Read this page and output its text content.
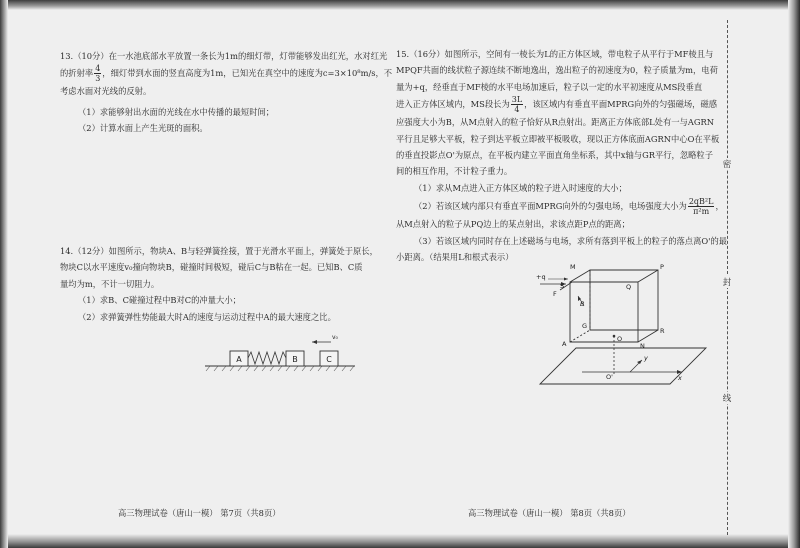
13.（10分）在一水池底部水平放置一条长为1m的细灯带，灯带能够发出红光，水对红光

的折射率 $\frac{4}{3}$ ，细灯带到水面的竖直高度为1m，已知光在真空中的速度为c=3×10⁸m/s，不

考虑水面对光线的反射。

（1）求能够射出水面的光线在水中传播的最短时间；

（2）计算水面上产生光斑的面积。

14.（12分）如图所示，物块A、B与轻弹簧拴接，置于光滑水平面上，弹簧处于原长，

物块C以水平速度v₀撞向物块B，碰撞时间极短，碰后C与B粘在一起。已知B、C质

量均为m，不计一切阻力。

（1）求B、C碰撞过程中B对C的冲量大小；

（2）求弹簧弹性势能最大时A的速度与运动过程中A的最大速度之比。

A	B	C
v₀
高三物理试卷（唐山一模） 第7页（共8页）

15.（16分）如图所示，空间有一棱长为L的正方体区域，带电粒子从平行于MF棱且与

MPQF共面的线状粒子源连续不断地逸出，逸出粒子的初速度为0，粒子质量为m，电荷

量为+q，经垂直于MF棱的水平电场加速后，粒子以一定的水平初速度从MS段垂直

进入正方体区域内，MS段长为 $\frac{3L}{4}$ ，该区域内有垂直平面MPRG向外的匀强磁场，磁感

应强度大小为B，从M点射入的粒子恰好从R点射出。距离正方体底部L处有一与AGRN

平行且足够大平板，粒子到达平板立即被平板吸收，现以正方体底面AGRN中心O在平板

的垂直投影点O'为原点，在平板内建立平面直角坐标系，其中x轴与GR平行，忽略粒子

间的相互作用，不计粒子重力。

（1）求从M点进入正方体区域的粒子进入时速度的大小；

（2）若该区域内部只有垂直平面MPRG向外的匀强电场，电场强度大小为 $\frac{\text{2qB²L}}{\text{π²m}}$ ，

从M点射入的粒子从PQ边上的某点射出，求该点距P点的距离；

（3）若该区域内同时存在上述磁场与电场，求所有落到平板上的粒子的落点离O'的最

小距离。（结果用L和根式表示）

+q
M	P
S
F
Q
B
G
R
O
A	N
O'	x
y
高三物理试卷（唐山一模） 第8页（共8页）
密
封
线
